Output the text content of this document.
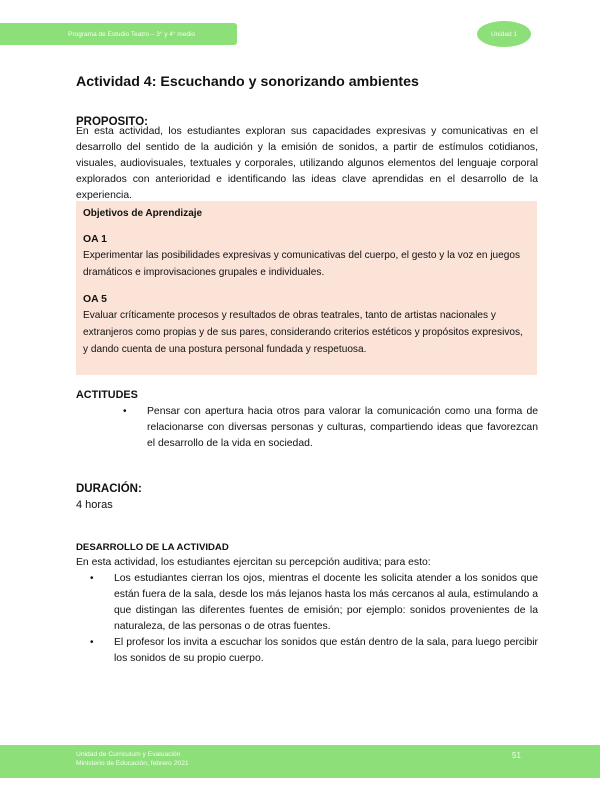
Programa de Estudio Teatro – 3° y 4° medio	Unidad 1
Actividad 4: Escuchando y sonorizando ambientes
PROPOSITO:
En esta actividad, los estudiantes exploran sus capacidades expresivas y comunicativas en el desarrollo del sentido de la audición y la emisión de sonidos, a partir de estímulos cotidianos, visuales, audiovisuales, textuales y corporales, utilizando algunos elementos del lenguaje corporal explorados con anterioridad e identificando las ideas clave aprendidas en el desarrollo de la experiencia.
ACTITUDES
• Pensar con apertura hacia otros para valorar la comunicación como una forma de relacionarse con diversas personas y culturas, compartiendo ideas que favorezcan el desarrollo de la vida en sociedad.
DURACIÓN:
4 horas
DESARROLLO DE LA ACTIVIDAD
En esta actividad, los estudiantes ejercitan su percepción auditiva; para esto:
• Los estudiantes cierran los ojos, mientras el docente les solicita atender a los sonidos que están fuera de la sala, desde los más lejanos hasta los más cercanos al aula, estimulando a que distingan las diferentes fuentes de emisión; por ejemplo: sonidos provenientes de la naturaleza, de las personas o de otras fuentes.
• El profesor los invita a escuchar los sonidos que están dentro de la sala, para luego percibir los sonidos de su propio cuerpo.
Objetivos de Aprendizaje
OA 1
Experimentar las posibilidades expresivas y comunicativas del cuerpo, el gesto y la voz en juegos dramáticos e improvisaciones grupales e individuales.
OA 5
Evaluar críticamente procesos y resultados de obras teatrales, tanto de artistas nacionales y extranjeros como propias y de sus pares, considerando criterios estéticos y propósitos expresivos, y dando cuenta de una postura personal fundada y respetuosa.
Unidad de Curriculum y Evaluación
Ministerio de Educación, febrero 2021
51
